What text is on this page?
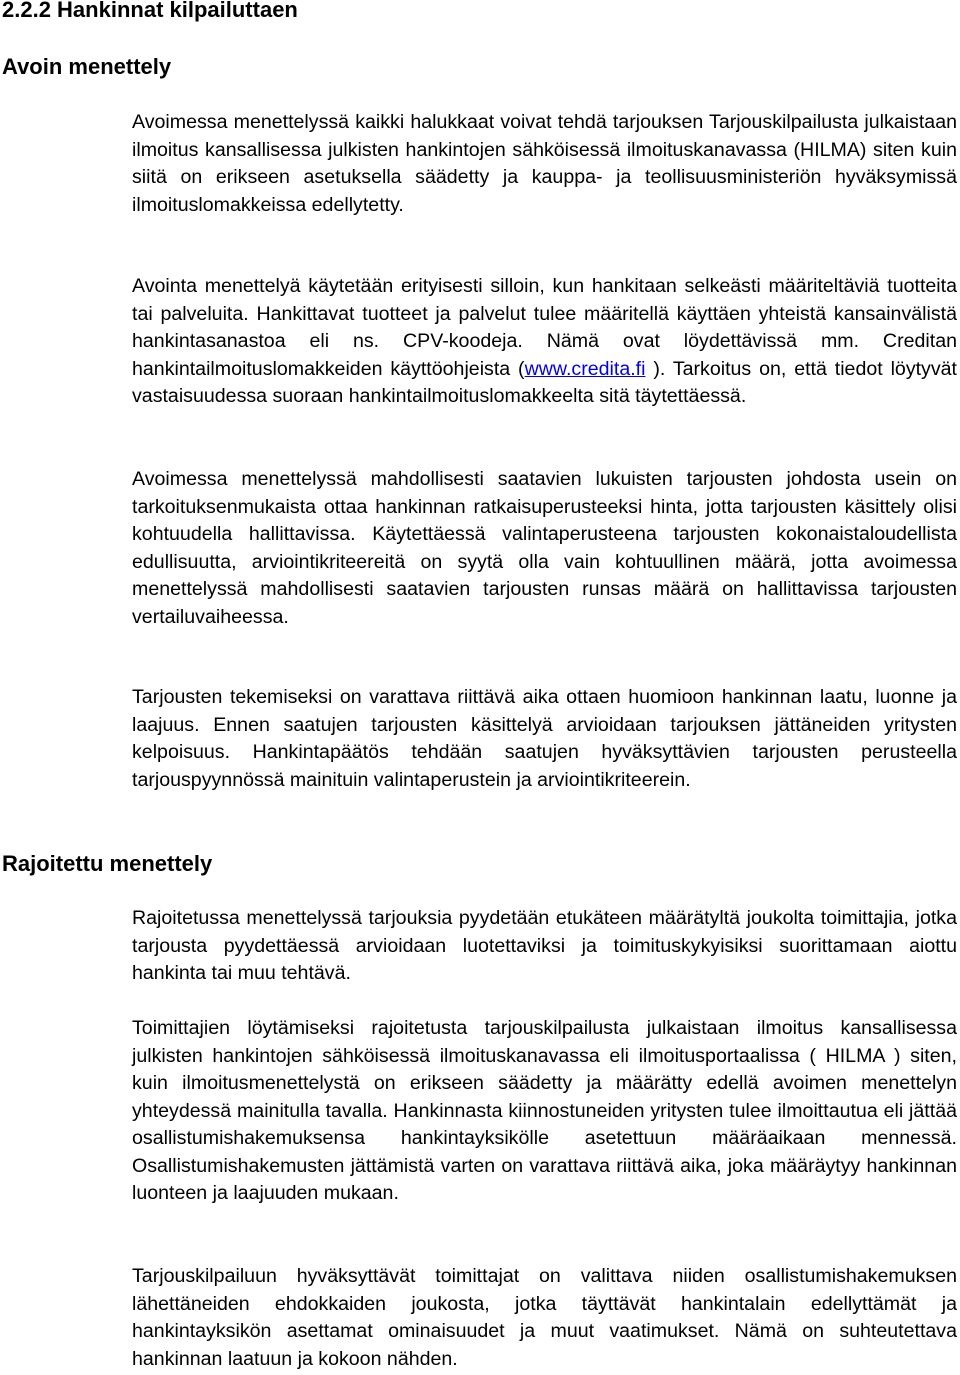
2.2.2 Hankinnat kilpailuttaen
Avoin menettely

Avoimessa menettelyssä kaikki halukkaat voivat tehdä tarjouksen Tarjouskilpailusta julkaistaan ilmoitus kansallisessa julkisten hankintojen sähköisessä ilmoituskanavassa (HILMA) siten kuin siitä on erikseen asetuksella säädetty ja kauppa- ja teollisuusministeriön hyväksymissä ilmoituslomakkeissa edellytetty.

Avointa menettelyä käytetään erityisesti silloin, kun hankitaan selkeästi määriteltäviä tuotteita tai palveluita. Hankittavat tuotteet ja palvelut tulee määritellä käyttäen yhteistä kansainvälistä hankintasanastoa eli ns. CPV-koodeja. Nämä ovat löydettävissä mm. Creditan hankintailmoituslomakkeiden käyttöohjeista (www.credita.fi ). Tarkoitus on, että tiedot löytyvät vastaisuudessa suoraan hankintailmoituslomakkeelta sitä täytettäessä.

Avoimessa menettelyssä mahdollisesti saatavien lukuisten tarjousten johdosta usein on tarkoituksenmukaista ottaa hankinnan ratkaisuperusteeksi hinta, jotta tarjousten käsittely olisi kohtuudella hallittavissa. Käytettäessä valintaperusteena tarjousten kokonaistaloudellista edullisuutta, arviointikriteereitä on syytä olla vain kohtuullinen määrä, jotta avoimessa menettelyssä mahdollisesti saatavien tarjousten runsas määrä on hallittavissa tarjousten vertailuvaiheessa.

Tarjousten tekemiseksi on varattava riittävä aika ottaen huomioon hankinnan laatu, luonne ja laajuus. Ennen saatujen tarjousten käsittelyä arvioidaan tarjouksen jättäneiden yritysten kelpoisuus. Hankintapäätös tehdään saatujen hyväksyttävien tarjousten perusteella tarjouspyynnössä mainituin valintaperustein ja arviointikriteerein.

Rajoitettu menettely

Rajoitetussa menettelyssä tarjouksia pyydetään etukäteen määrätyltä joukolta toimittajia, jotka tarjousta pyydettäessä arvioidaan luotettaviksi ja toimituskykyisiksi suorittamaan aiottu hankinta tai muu tehtävä.

Toimittajien löytämiseksi rajoitetusta tarjouskilpailusta julkaistaan ilmoitus kansallisessa julkisten hankintojen sähköisessä ilmoituskanavassa eli ilmoitusportaalissa ( HILMA ) siten, kuin ilmoitusmenettelystä on erikseen säädetty ja määrätty edellä avoimen menettelyn yhteydessä mainitulla tavalla. Hankinnasta kiinnostuneiden yritysten tulee ilmoittautua eli jättää osallistumishakemuksensa hankintayksikölle asetettuun määräaikaan mennessä. Osallistumishakemusten jättämistä varten on varattava riittävä aika, joka määräytyy hankinnan luonteen ja laajuuden mukaan.

Tarjouskilpailuun hyväksyttävät toimittajat on valittava niiden osallistumishakemuksen lähettäneiden ehdokkaiden joukosta, jotka täyttävät hankintalain edellyttämät ja hankintayksikön asettamat ominaisuudet ja muut vaatimukset. Nämä on suhteutettava hankinnan laatuun ja kokoon nähden.
